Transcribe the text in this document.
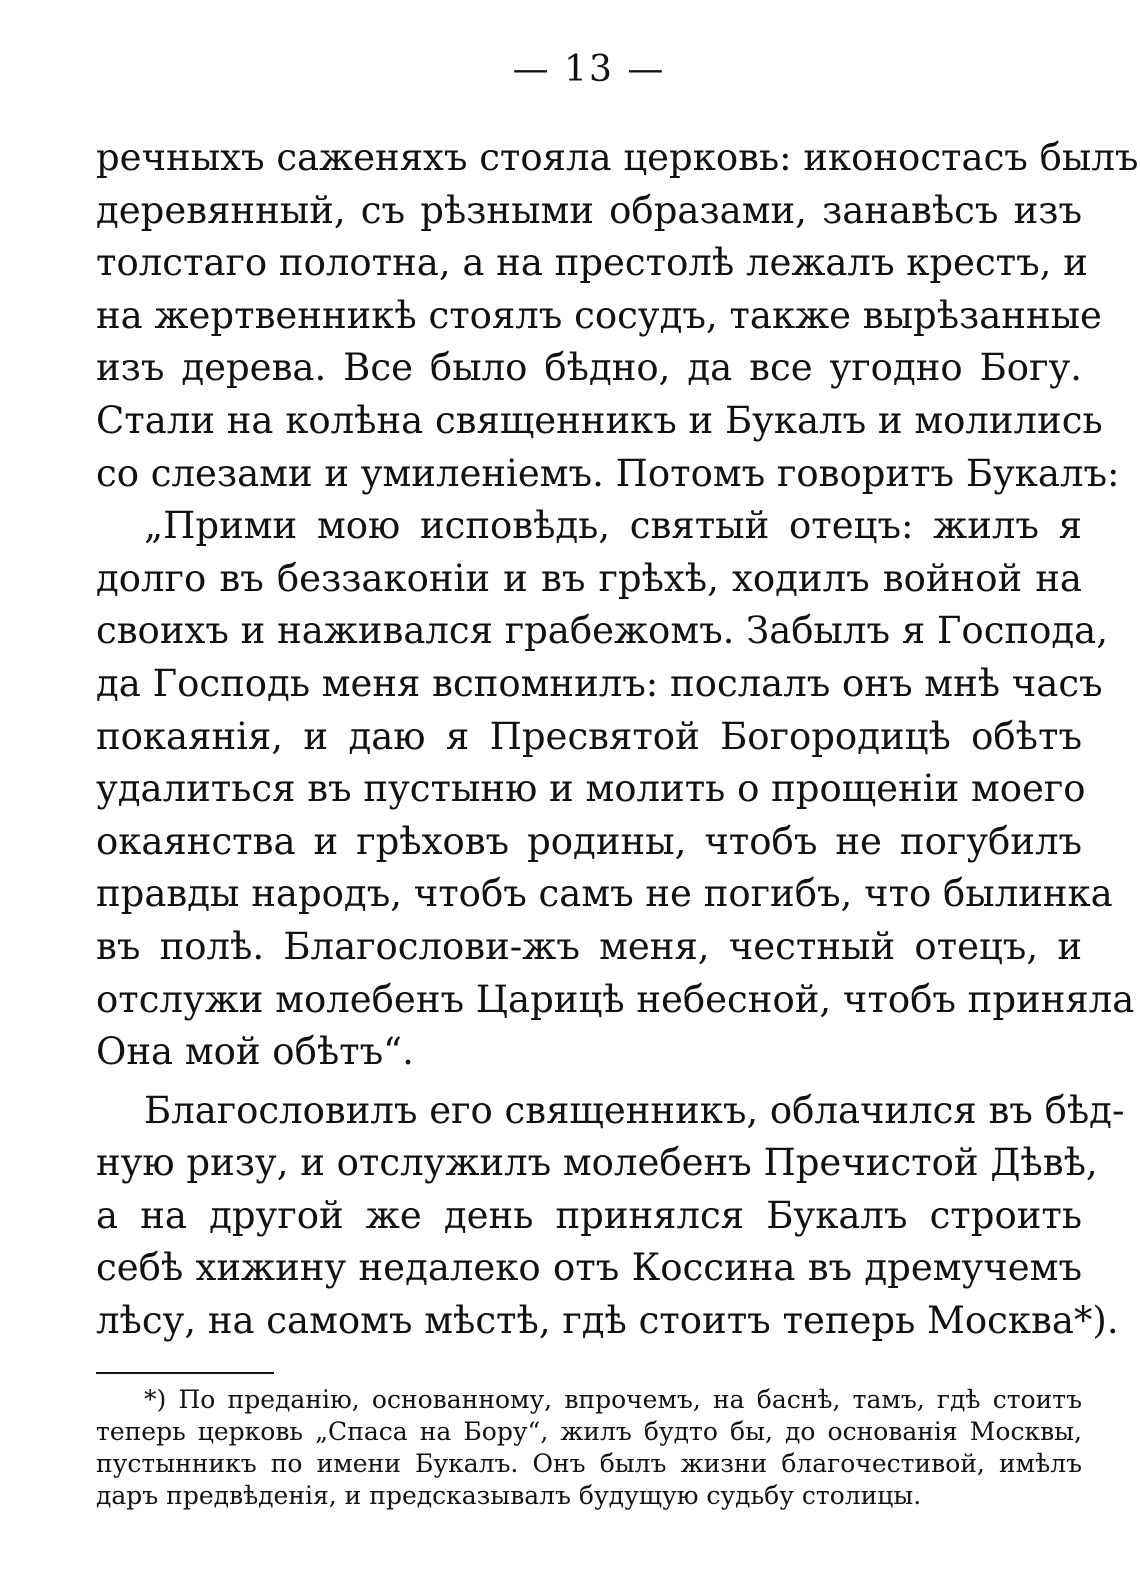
— 13 —
речныхъ саженяхъ стояла церковь: иконостасъ былъ
деревянный, съ рѣзными образами, занавѣсъ изъ
толстаго полотна, а на престолѣ лежалъ крестъ, и
на жертвенникѣ стоялъ сосудъ, также вырѣзанные
изъ дерева. Все было бѣдно, да все угодно Богу.
Стали на колѣна священникъ и Букалъ и молились
со слезами и умиленіемъ. Потомъ говоритъ Букалъ:
„Прими мою исповѣдь, святый отецъ: жилъ я
долго въ беззаконіи и въ грѣхѣ, ходилъ войной на
своихъ и наживался грабежомъ. Забылъ я Господа,
да Господь меня вспомнилъ: послалъ онъ мнѣ часъ
покаянія, и даю я Пресвятой Богородицѣ обѣтъ
удалиться въ пустыню и молить о прощеніи моего
окаянства и грѣховъ родины, чтобъ не погубилъ
правды народъ, чтобъ самъ не погибъ, что былинка
въ полѣ. Благослови-жъ меня, честный отецъ, и
отслужи молебенъ Царицѣ небесной, чтобъ приняла
Она мой обѣтъ“.
Благословилъ его священникъ, облачился въ бѣд-
ную ризу, и отслужилъ молебенъ Пречистой Дѣвѣ,
а на другой же день принялся Букалъ строить
себѣ хижину недалеко отъ Коссина въ дремучемъ
лѣсу, на самомъ мѣстѣ, гдѣ стоитъ теперь Москва*).
*) По преданію, основанному, впрочемъ, на баснѣ, тамъ, гдѣ стоитъ
теперь церковь „Спаса на Бору“, жилъ будто бы, до основанія Москвы,
пустынникъ по имени Букалъ. Онъ былъ жизни благочестивой, имѣлъ
даръ предвѣденія, и предсказывалъ будущую судьбу столицы.
